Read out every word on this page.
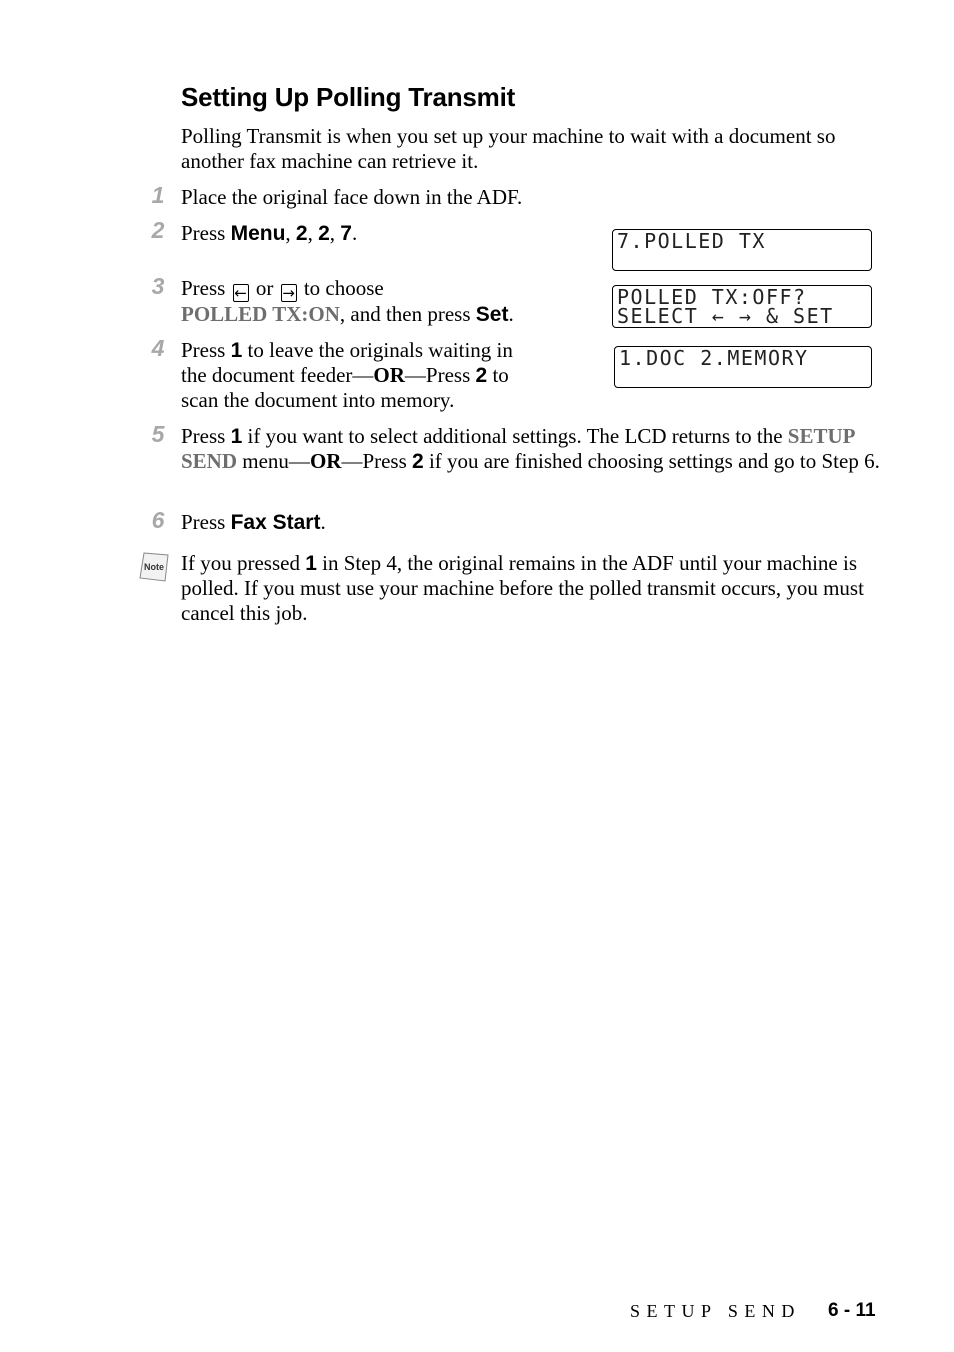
Setting Up Polling Transmit
Polling Transmit is when you set up your machine to wait with a document so another fax machine can retrieve it.
1 Place the original face down in the ADF.
2 Press Menu, 2, 2, 7.
3 Press ← or → to choose
POLLED TX:ON, and then press Set.
4 Press 1 to leave the originals waiting in the document feeder—OR—Press 2 to scan the document into memory.
7.POLLED TX
POLLED TX:OFF?
SELECT ← → & SET
1.DOC 2.MEMORY
5 Press 1 if you want to select additional settings. The LCD returns to the SETUP SEND menu—OR—Press 2 if you are finished choosing settings and go to Step 6.
6 Press Fax Start.
Note If you pressed 1 in Step 4, the original remains in the ADF until your machine is polled. If you must use your machine before the polled transmit occurs, you must cancel this job.
SETUP SEND 6 - 11
